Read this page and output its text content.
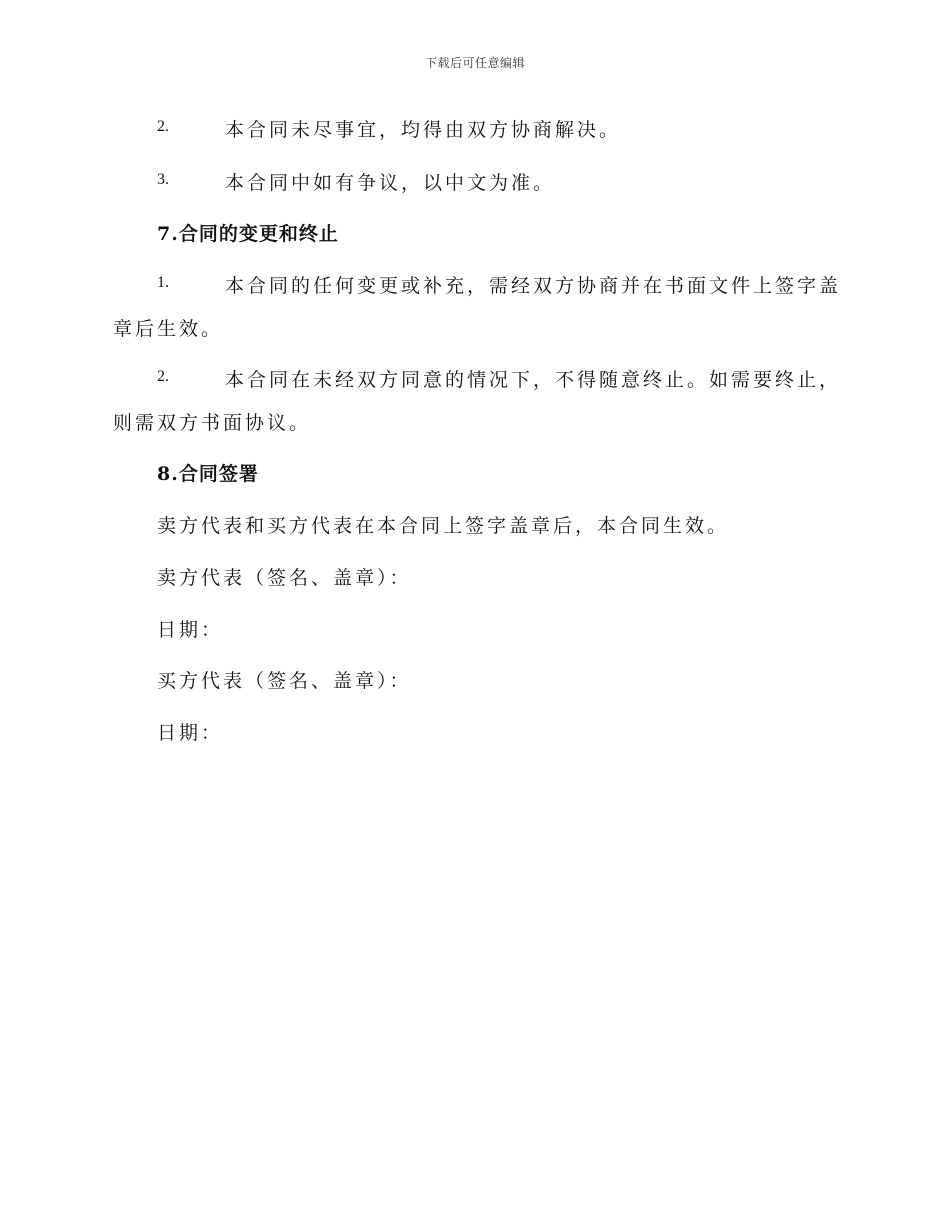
下载后可任意编辑
2.	本合同未尽事宜，均得由双方协商解决。
3.	本合同中如有争议，以中文为准。
7.合同的变更和终止
1.	本合同的任何变更或补充，需经双方协商并在书面文件上签字盖
章后生效。
2.	本合同在未经双方同意的情况下，不得随意终止。如需要终止，
则需双方书面协议。
8.合同签署
卖方代表和买方代表在本合同上签字盖章后，本合同生效。
卖方代表（签名、盖章）：
日期：
买方代表（签名、盖章）：
日期：
